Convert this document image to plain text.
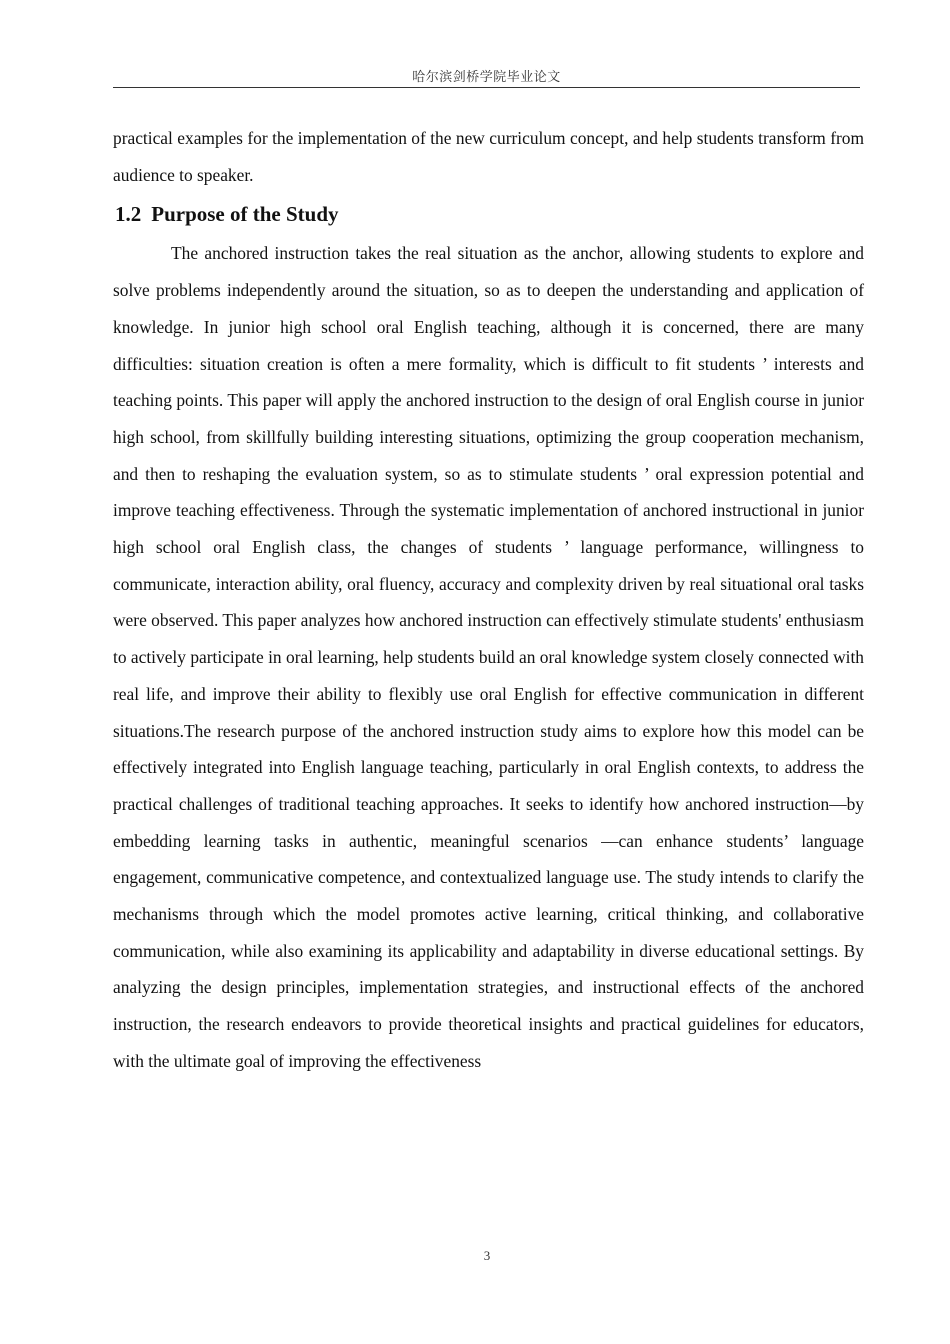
哈尔滨剑桥学院毕业论文

practical examples for the implementation of the new curriculum concept, and help students transform from audience to speaker.

1.2 Purpose of the Study

The anchored instruction takes the real situation as the anchor, allowing students to explore and solve problems independently around the situation, so as to deepen the understanding and application of knowledge. In junior high school oral English teaching, although it is concerned, there are many difficulties: situation creation is often a mere formality, which is difficult to fit students ’ interests and teaching points. This paper will apply the anchored instruction to the design of oral English course in junior high school, from skillfully building interesting situations, optimizing the group cooperation mechanism, and then to reshaping the evaluation system, so as to stimulate students ’ oral expression potential and improve teaching effectiveness. Through the systematic implementation of anchored instructional in junior high school oral English class, the changes of students ’ language performance, willingness to communicate, interaction ability, oral fluency, accuracy and complexity driven by real situational oral tasks were observed. This paper analyzes how anchored instruction can effectively stimulate students' enthusiasm to actively participate in oral learning, help students build an oral knowledge system closely connected with real life, and improve their ability to flexibly use oral English for effective communication in different situations.The research purpose of the anchored instruction study aims to explore how this model can be effectively integrated into English language teaching, particularly in oral English contexts, to address the practical challenges of traditional teaching approaches. It seeks to identify how anchored instruction—by embedding learning tasks in authentic, meaningful scenarios —can enhance students’ language engagement, communicative competence, and contextualized language use. The study intends to clarify the mechanisms through which the model promotes active learning, critical thinking, and collaborative communication, while also examining its applicability and adaptability in diverse educational settings. By analyzing the design principles, implementation strategies, and instructional effects of the anchored instruction, the research endeavors to provide theoretical insights and practical guidelines for educators, with the ultimate goal of improving the effectiveness

3
